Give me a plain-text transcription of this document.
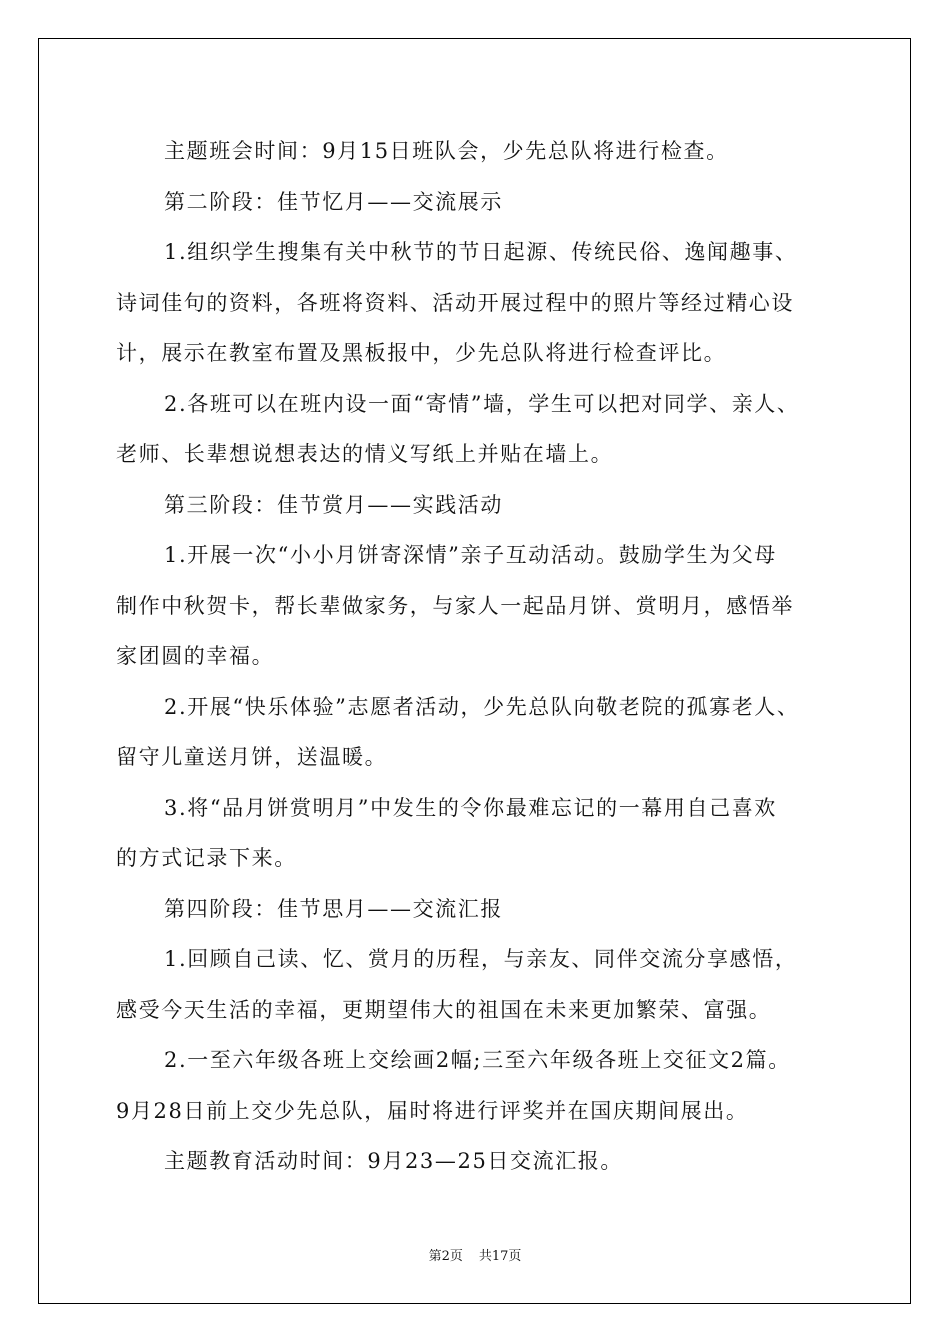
主题班会时间：9月15日班队会，少先总队将进行检查。
第二阶段：佳节忆月——交流展示
1.组织学生搜集有关中秋节的节日起源、传统民俗、逸闻趣事、
诗词佳句的资料，各班将资料、活动开展过程中的照片等经过精心设
计，展示在教室布置及黑板报中，少先总队将进行检查评比。
2.各班可以在班内设一面“寄情”墙，学生可以把对同学、亲人、
老师、长辈想说想表达的情义写纸上并贴在墙上。
第三阶段：佳节赏月——实践活动
1.开展一次“小小月饼寄深情”亲子互动活动。鼓励学生为父母
制作中秋贺卡，帮长辈做家务，与家人一起品月饼、赏明月，感悟举
家团圆的幸福。
2.开展“快乐体验”志愿者活动，少先总队向敬老院的孤寡老人、
留守儿童送月饼，送温暖。
3.将“品月饼赏明月”中发生的令你最难忘记的一幕用自己喜欢
的方式记录下来。
第四阶段：佳节思月——交流汇报
1.回顾自己读、忆、赏月的历程，与亲友、同伴交流分享感悟，
感受今天生活的幸福，更期望伟大的祖国在未来更加繁荣、富强。
2.一至六年级各班上交绘画2幅;三至六年级各班上交征文2篇。
9月28日前上交少先总队，届时将进行评奖并在国庆期间展出。
主题教育活动时间：9月23—25日交流汇报。
第2页 共17页
